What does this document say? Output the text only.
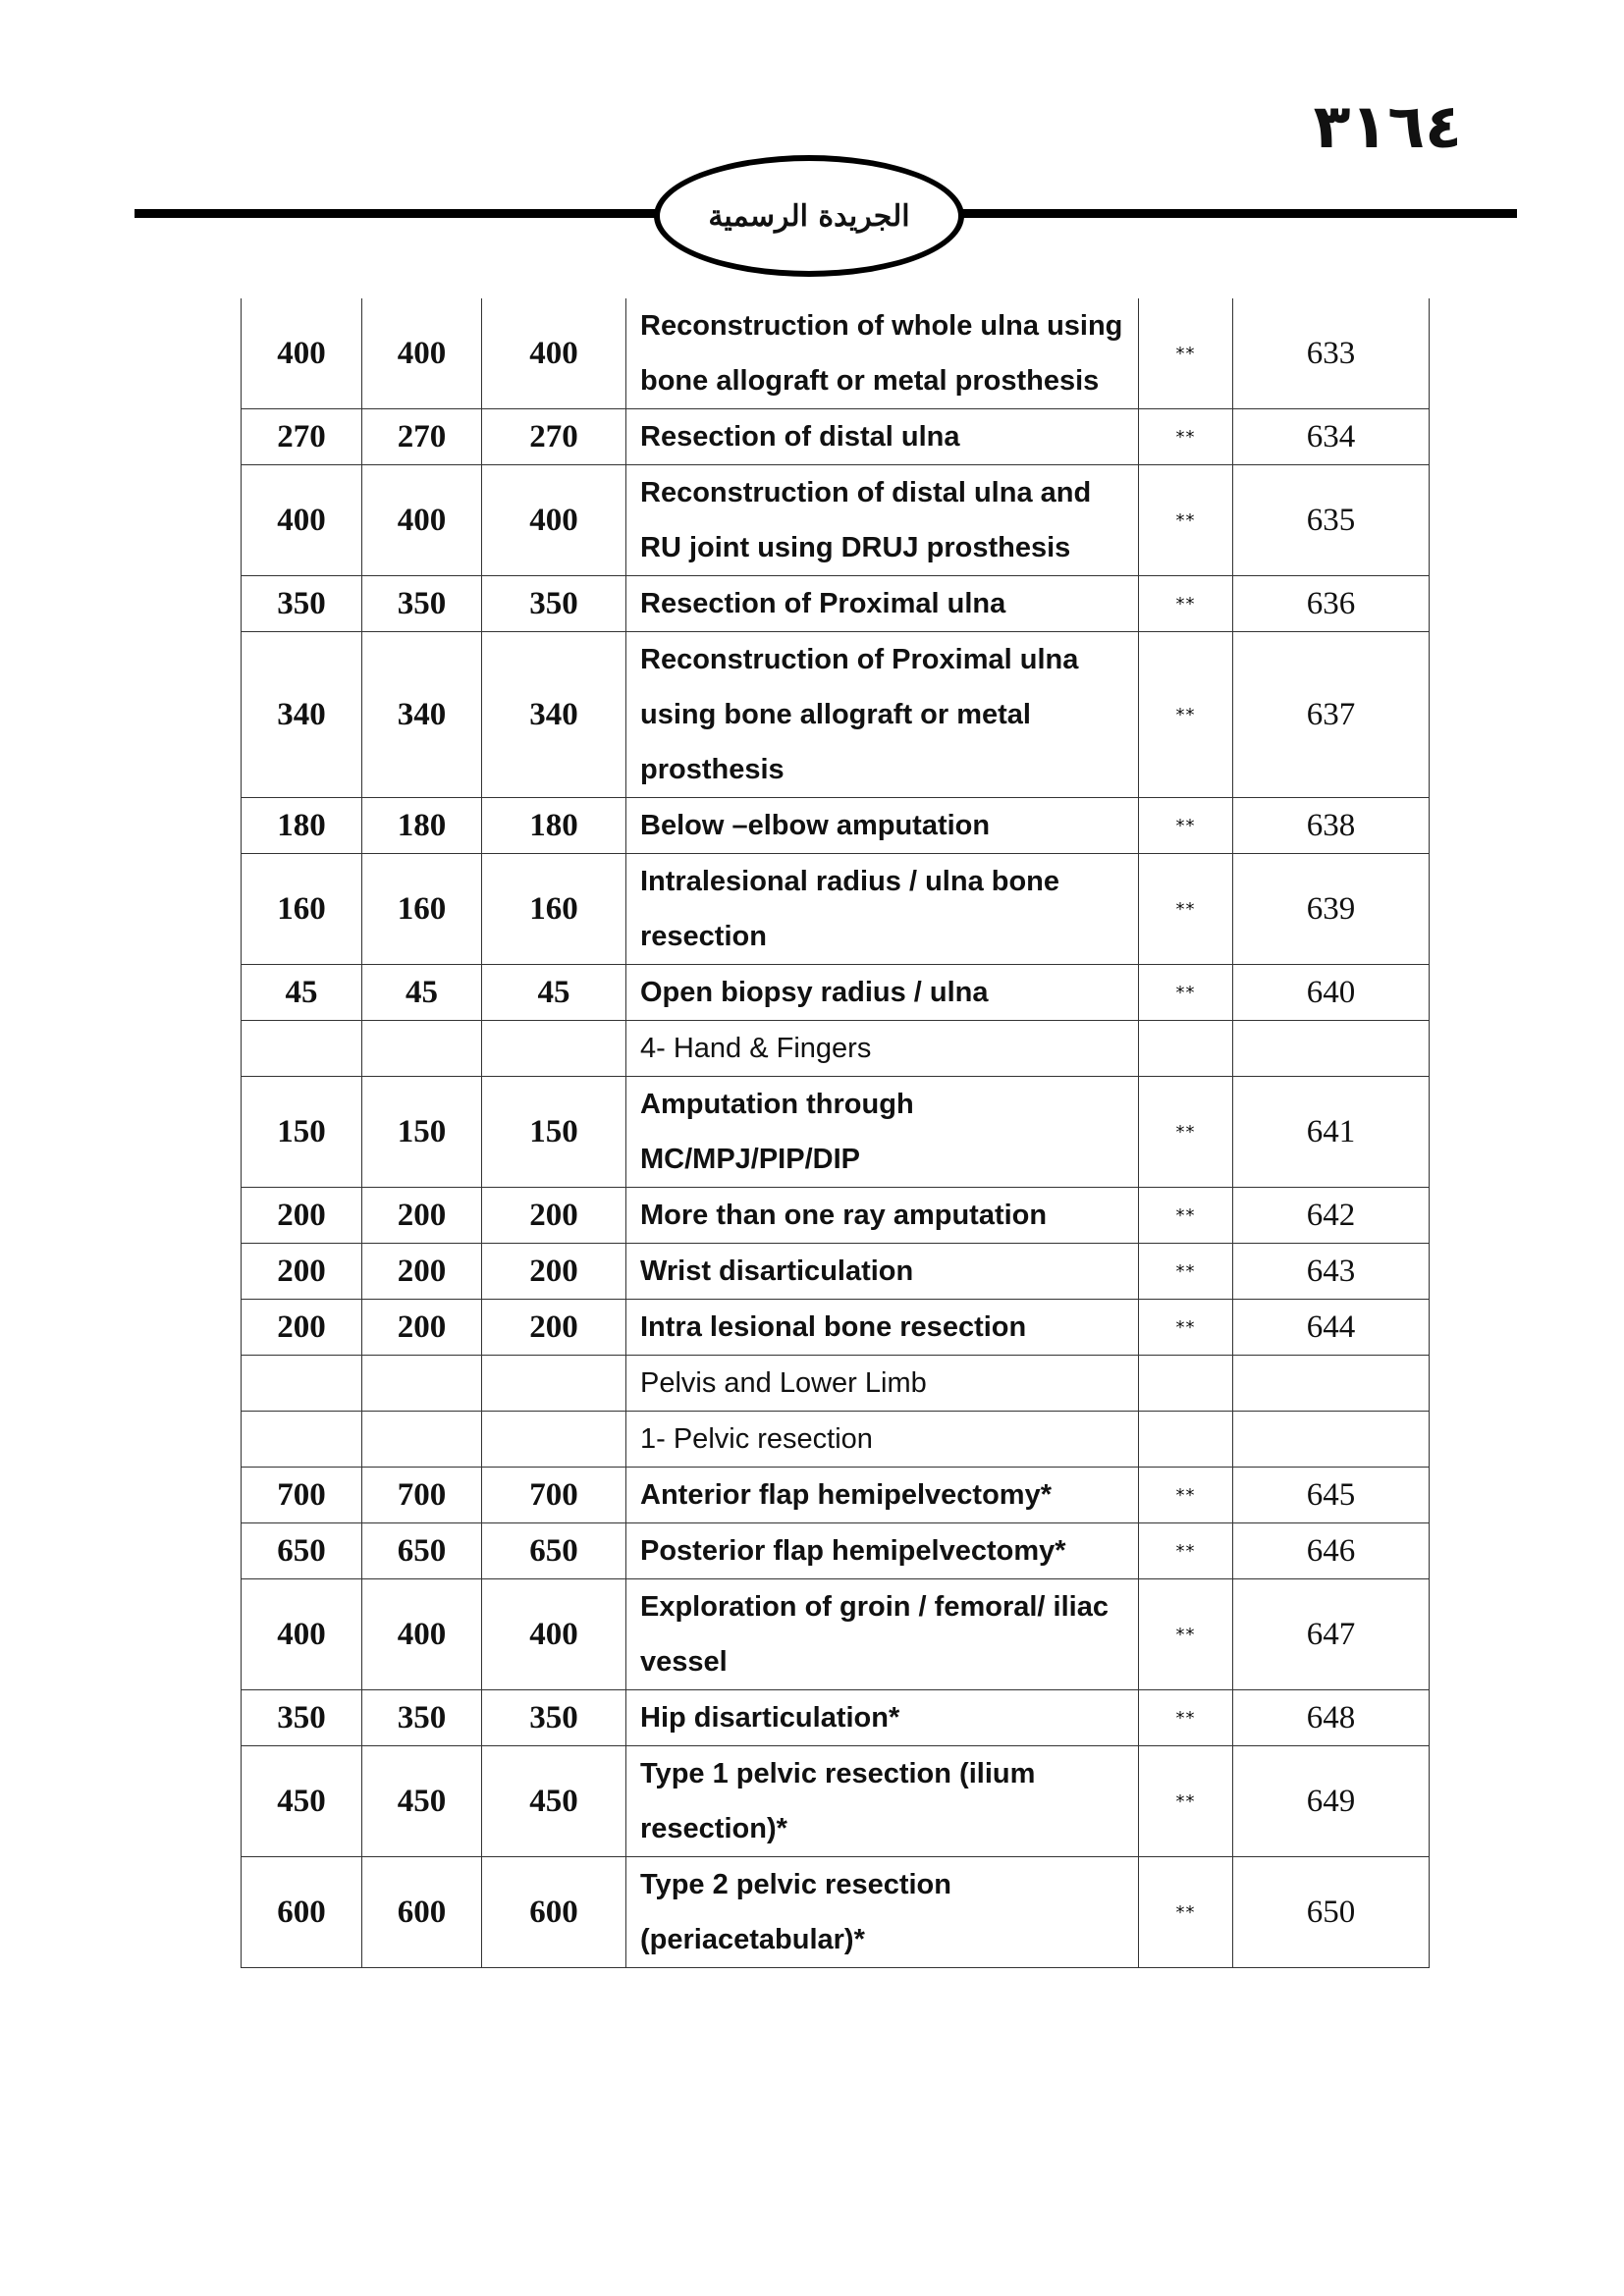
٣١٦٤
الجريدة الرسمية
400	400	400	Reconstruction of whole ulna using bone allograft or metal prosthesis	**	633
270	270	270	Resection of distal ulna	**	634
400	400	400	Reconstruction of distal ulna and RU joint using DRUJ prosthesis	**	635
350	350	350	Resection of Proximal ulna	**	636
340	340	340	Reconstruction of Proximal ulna using bone allograft or metal prosthesis	**	637
180	180	180	Below –elbow amputation	**	638
160	160	160	Intralesional radius / ulna bone resection	**	639
45	45	45	Open biopsy radius / ulna	**	640
			4- Hand & Fingers		
150	150	150	Amputation through MC/MPJ/PIP/DIP	**	641
200	200	200	More than one ray amputation	**	642
200	200	200	Wrist disarticulation	**	643
200	200	200	Intra lesional bone resection	**	644
			Pelvis and Lower Limb		
			1- Pelvic resection		
700	700	700	Anterior flap hemipelvectomy*	**	645
650	650	650	Posterior flap hemipelvectomy*	**	646
400	400	400	Exploration of groin / femoral/ iliac vessel	**	647
350	350	350	Hip disarticulation*	**	648
450	450	450	Type 1 pelvic resection (ilium resection)*	**	649
600	600	600	Type 2 pelvic resection (periacetabular)*	**	650
